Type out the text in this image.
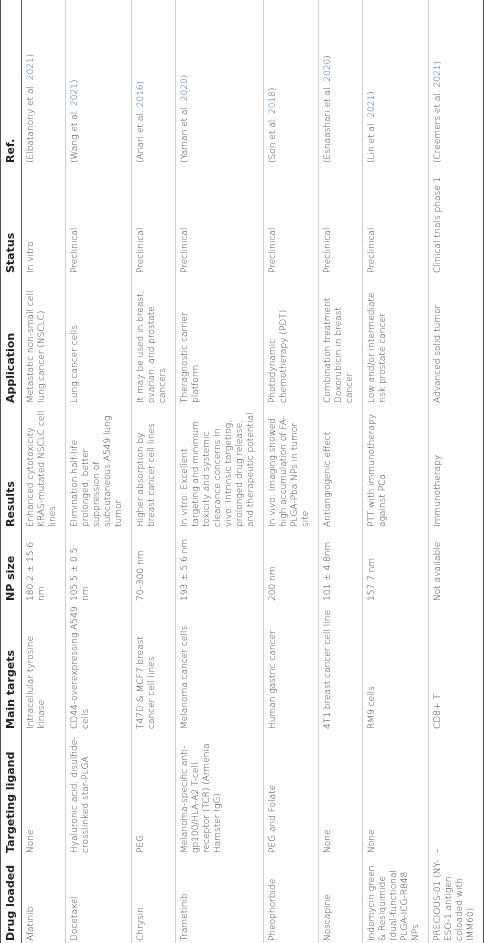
Drug loaded	Targeting ligand	Main targets	NP size	Results	Application	Status	Ref.
Afatinib	None	Intracellular tyrosine kinase	180.2 ± 15.6 nm	Enhanced cytotoxicity KRAS-mutated NSCLC cell lines	Metastatic non-small cell lung cancer (NSCLC)	In vitro	(Elbatanony et al. 2021)
Docetaxel	Hyaluronic acid, disulfide-crosslinked star-PLGA	CD44-overexpressing A549 cells	105.5 ± 0.5 nm	Elimination half-life prolonged, better suppression of subcutaneous A549 lung tumor	Lung cancer cells	Preclinical	(Wang et al. 2021)
Chrysin	PEG	T47D & MCF7 breast cancer cell lines	70–300 nm	Higher absorption by breast cancer cell lines	It may be used in breast, ovarian, and prostate cancers	Preclinical	(Anari et al. 2016)
Trametinib	Melanoma-specific anti-gp100/HLA-A2 T-cell receptor (TCR) (Armenia Hamster IgG)	Melanoma cancer cells	193 ± 5.6 nm	In vitro: Excellent targeting and minimum toxicity and systemic clearance concerns In vivo: Intrinsic targeting, prolonged drug release, and therapeutic potential	Theragnostic carrier platform	Preclinical	(Yaman et al. 2020)
Pheophorbide	PEG and Folate	Human gastric cancer	200 nm	In vivo: Imaging showed high accumulation of FA-PLGA-Pba NPs in tumor site	Photodynamic chemotherapy (PDT)	Preclinical	(Son et al. 2018)
Noscapine	None	4T1 breast cancer cell line	101 ± 4.8nm	Antiangiogenic effect	Combination treatment Doxorubicin in breast cancer	Preclinical	(Esnaashari et al. 2020)
Indomycin green & Resiquimide (dual-functional PLGA-ICG-R848 NPs	None	RM9 cells	157.7 nm	PTT with immunotherapy against PCa.	Low and/or intermediate risk prostate cancer	Preclinical	(Lin et al. 2021)
PRECIOUS-01 (NY-ESO-1 antigen coloaded with IMM60)	–	CD8+ T	Not available	Immunotherapy	Advanced solid tumor	Clinical trials phase 1	(Creemers et al. 2021)
